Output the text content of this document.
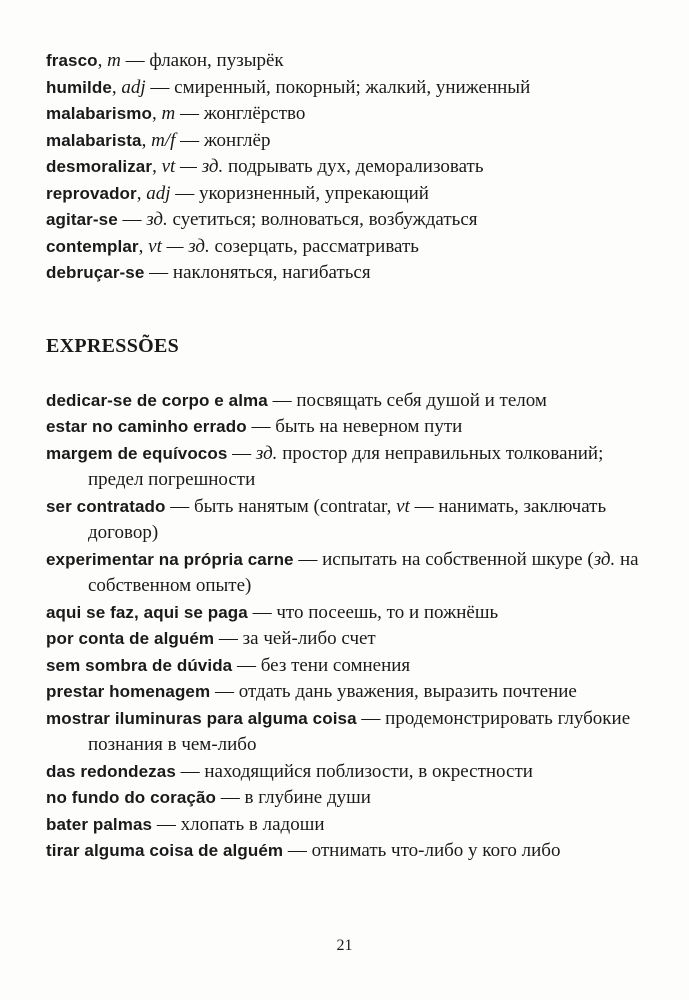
frasco, m — флакон, пузырёк
humilde, adj — смиренный, покорный; жалкий, униженный
malabarismo, m — жонглёрство
malabarista, m/f — жонглёр
desmoralizar, vt — зд. подрывать дух, деморализовать
reprovador, adj — укоризненный, упрекающий
agitar-se — зд. суетиться; волноваться, возбуждаться
contemplar, vt — зд. созерцать, рассматривать
debruçar-se — наклоняться, нагибаться
EXPRESSÕES
dedicar-se de corpo e alma — посвящать себя душой и телом
estar no caminho errado — быть на неверном пути
margem de equívocos — зд. простор для неправильных толкований; предел погрешности
ser contratado — быть нанятым (contratar, vt — нанимать, заключать договор)
experimentar na própria carne — испытать на собственной шкуре (зд. на собственном опыте)
aqui se faz, aqui se paga — что посеешь, то и пожнёшь
por conta de alguém — за чей-либо счет
sem sombra de dúvida — без тени сомнения
prestar homenagem — отдать дань уважения, выразить почтение
mostrar iluminuras para alguma coisa — продемонстрировать глубокие познания в чем-либо
das redondezas — находящийся поблизости, в окрестности
no fundo do coração — в глубине души
bater palmas — хлопать в ладоши
tirar alguma coisa de alguém — отнимать что-либо у кого либо
21
